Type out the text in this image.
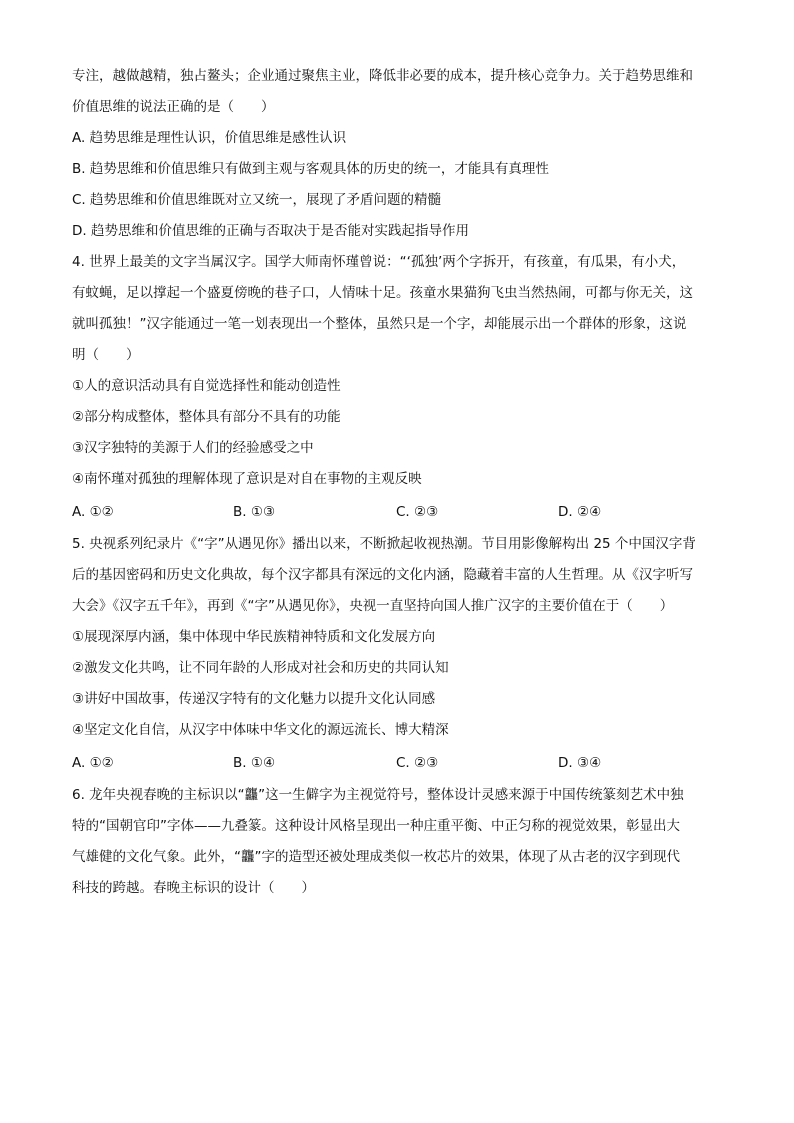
专注，越做越精，独占鳌头；企业通过聚焦主业，降低非必要的成本，提升核心竞争力。关于趋势思维和
价值思维的说法正确的是（　　）
A. 趋势思维是理性认识，价值思维是感性认识
B. 趋势思维和价值思维只有做到主观与客观具体的历史的统一，才能具有真理性
C. 趋势思维和价值思维既对立又统一，展现了矛盾问题的精髓
D. 趋势思维和价值思维的正确与否取决于是否能对实践起指导作用
4. 世界上最美的文字当属汉字。国学大师南怀瑾曾说：“‘孤独’两个字拆开，有孩童，有瓜果，有小犬，
有蚊蝇，足以撑起一个盛夏傍晚的巷子口，人情味十足。孩童水果猫狗飞虫当然热闹，可都与你无关，这
就叫孤独！”汉字能通过一笔一划表现出一个整体，虽然只是一个字，却能展示出一个群体的形象，这说
明（　　）
①人的意识活动具有自觉选择性和能动创造性
②部分构成整体，整体具有部分不具有的功能
③汉字独特的美源于人们的经验感受之中
④南怀瑾对孤独的理解体现了意识是对自在事物的主观反映
A. ①②	B. ①③	C. ②③	D. ②④
5. 央视系列纪录片《“字”从遇见你》播出以来，不断掀起收视热潮。节目用影像解构出 25 个中国汉字背
后的基因密码和历史文化典故，每个汉字都具有深远的文化内涵，隐藏着丰富的人生哲理。从《汉字听写
大会》《汉字五千年》，再到《“字”从遇见你》，央视一直坚持向国人推广汉字的主要价值在于（　　）
①展现深厚内涵，集中体现中华民族精神特质和文化发展方向
②激发文化共鸣，让不同年龄的人形成对社会和历史的共同认知
③讲好中国故事，传递汉字特有的文化魅力以提升文化认同感
④坚定文化自信，从汉字中体味中华文化的源远流长、博大精深
A. ①②	B. ①④	C. ②③	D. ③④
6. 龙年央视春晚的主标识以“龘”这一生僻字为主视觉符号，整体设计灵感来源于中国传统篆刻艺术中独
特的“国朝官印”字体——九叠篆。这种设计风格呈现出一种庄重平衡、中正匀称的视觉效果，彰显出大
气雄健的文化气象。此外，“龘”字的造型还被处理成类似一枚芯片的效果，体现了从古老的汉字到现代
科技的跨越。春晚主标识的设计（　　）
